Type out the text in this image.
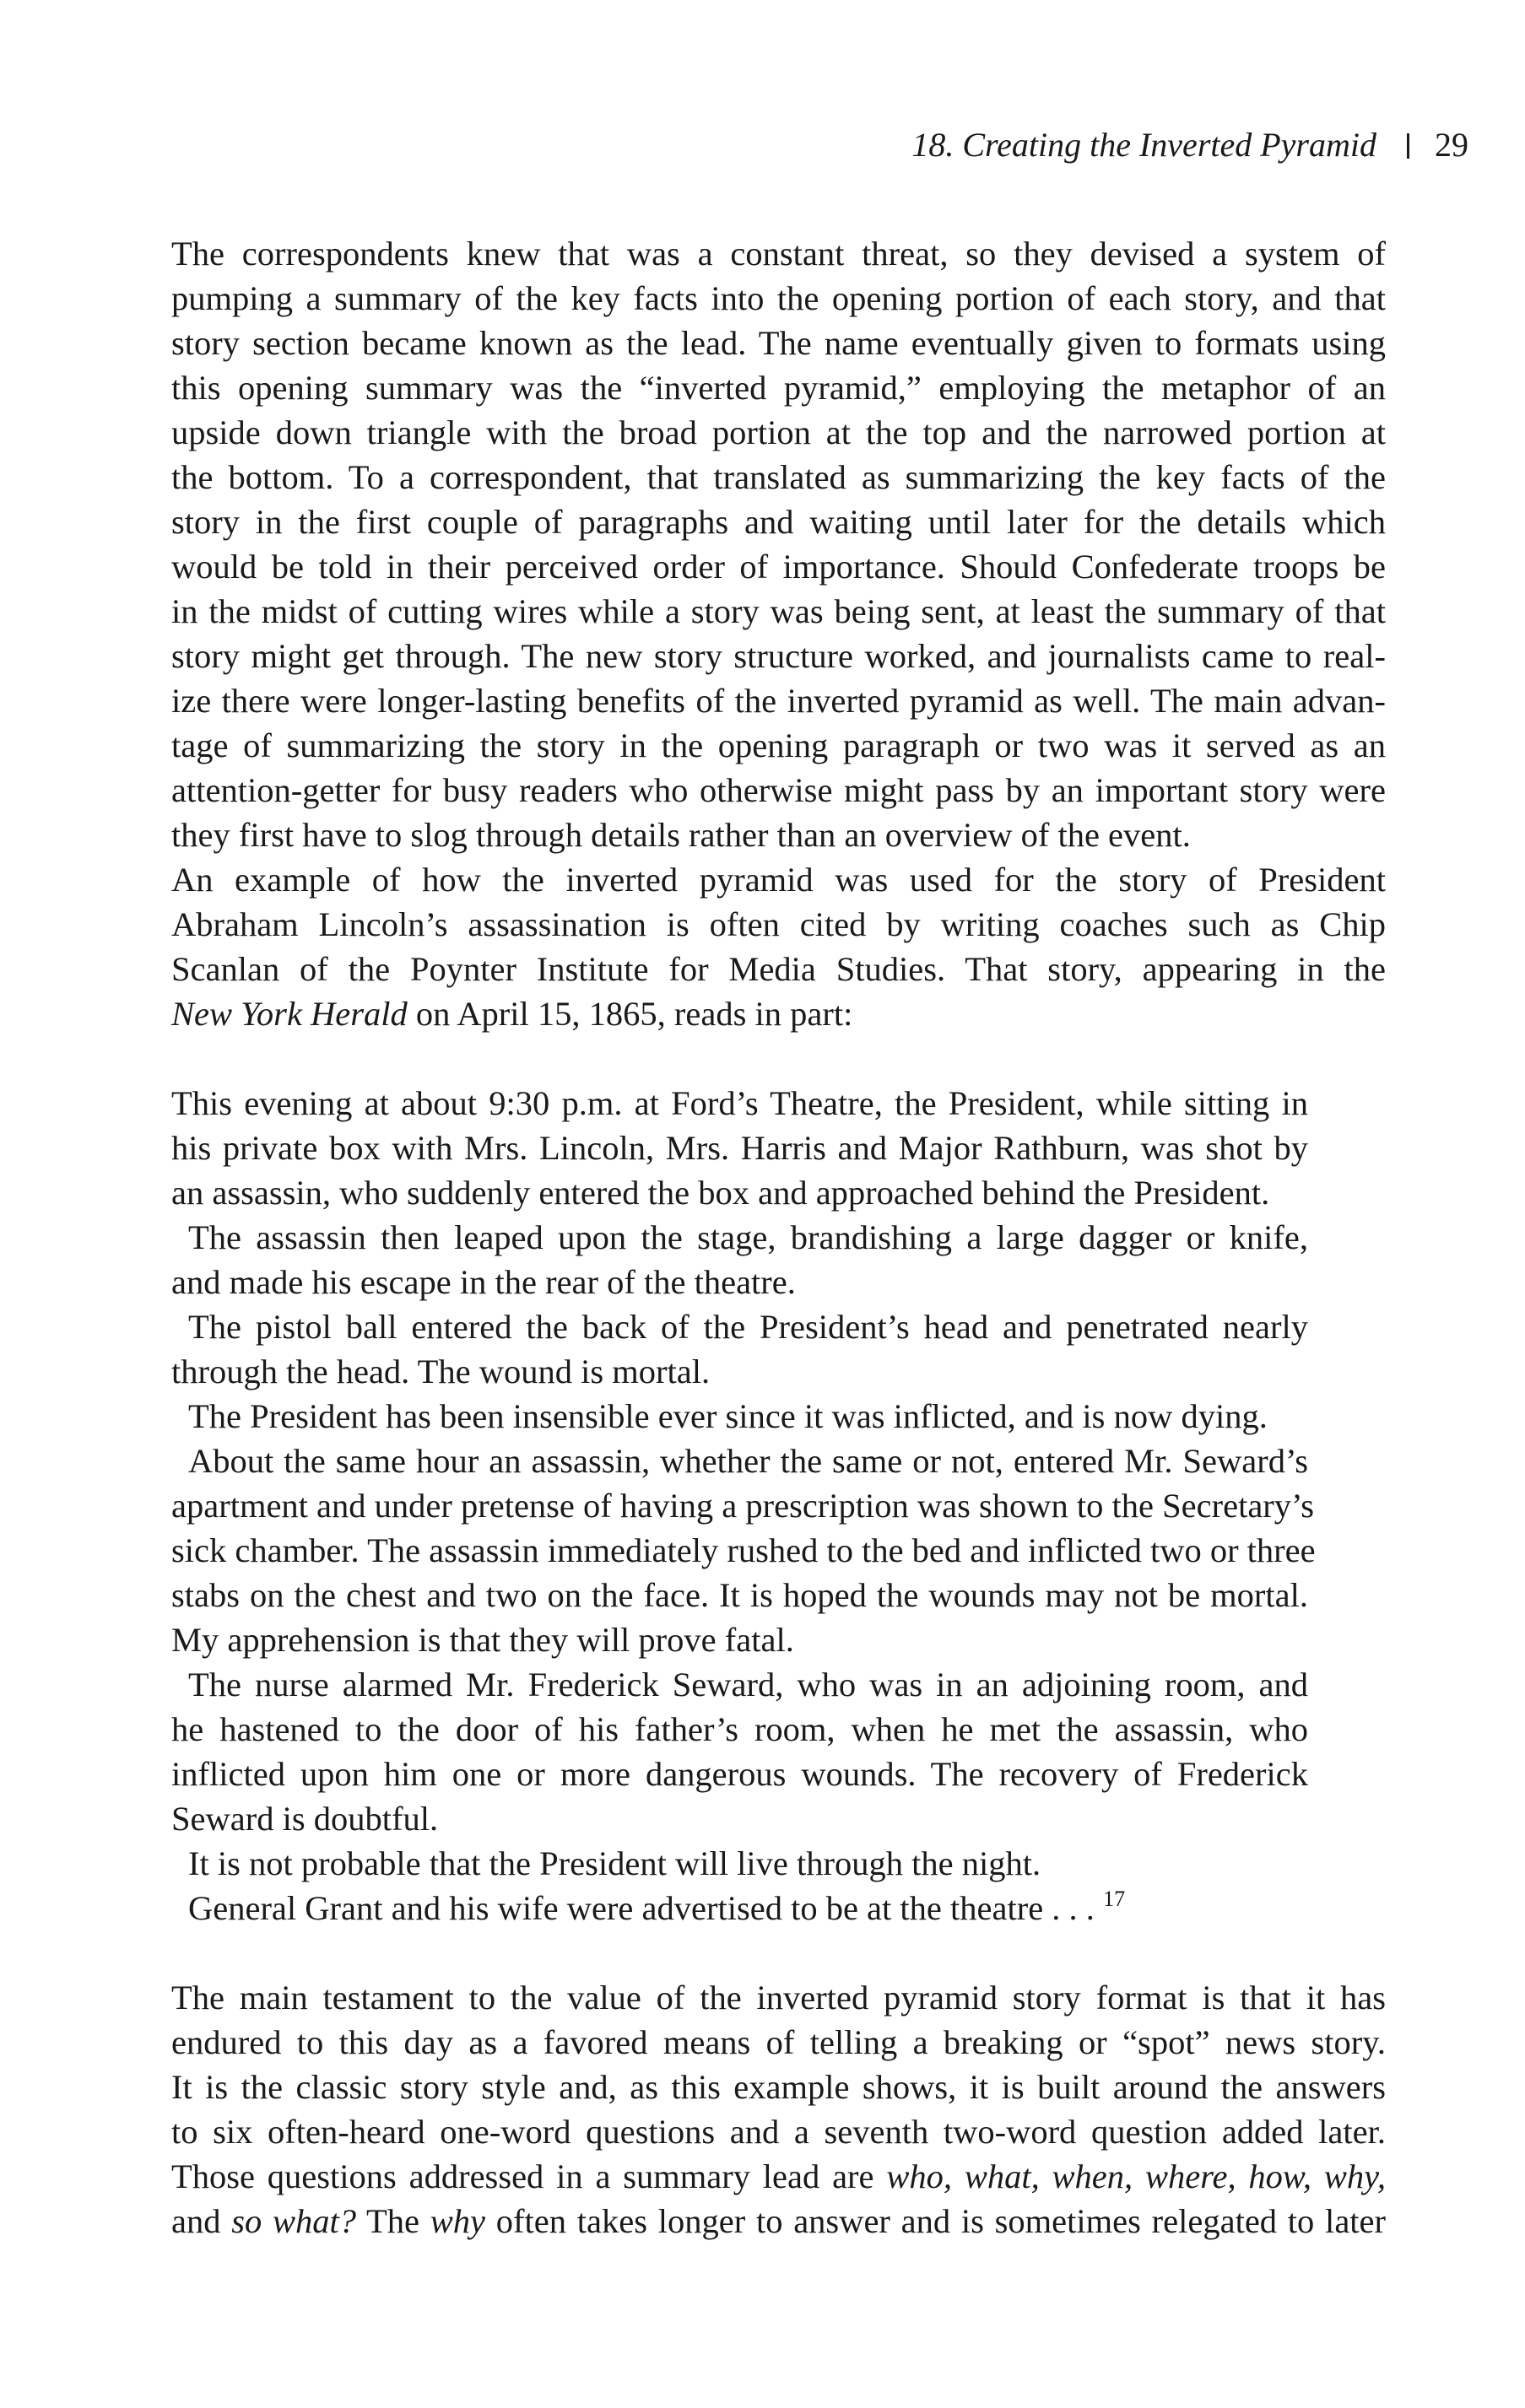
18. Creating the Inverted Pyramid 29
The correspondents knew that was a constant threat, so they devised a system of
pumping a summary of the key facts into the opening portion of each story, and that
story section became known as the lead. The name eventually given to formats using
this opening summary was the “inverted pyramid,” employing the metaphor of an
upside down triangle with the broad portion at the top and the narrowed portion at
the bottom. To a correspondent, that translated as summarizing the key facts of the
story in the first couple of paragraphs and waiting until later for the details which
would be told in their perceived order of importance. Should Confederate troops be
in the midst of cutting wires while a story was being sent, at least the summary of that
story might get through. The new story structure worked, and journalists came to real-
ize there were longer-lasting benefits of the inverted pyramid as well. The main advan-
tage of summarizing the story in the opening paragraph or two was it served as an
attention-getter for busy readers who otherwise might pass by an important story were
they first have to slog through details rather than an overview of the event.
An example of how the inverted pyramid was used for the story of President
Abraham Lincoln’s assassination is often cited by writing coaches such as Chip
Scanlan of the Poynter Institute for Media Studies. That story, appearing in the
New York Herald on April 15, 1865, reads in part:
This evening at about 9:30 p.m. at Ford’s Theatre, the President, while sitting in
his private box with Mrs. Lincoln, Mrs. Harris and Major Rathburn, was shot by
an assassin, who suddenly entered the box and approached behind the President.
The assassin then leaped upon the stage, brandishing a large dagger or knife,
and made his escape in the rear of the theatre.
The pistol ball entered the back of the President’s head and penetrated nearly
through the head. The wound is mortal.
The President has been insensible ever since it was inflicted, and is now dying.
About the same hour an assassin, whether the same or not, entered Mr. Seward’s
apartment and under pretense of having a prescription was shown to the Secretary’s
sick chamber. The assassin immediately rushed to the bed and inflicted two or three
stabs on the chest and two on the face. It is hoped the wounds may not be mortal.
My apprehension is that they will prove fatal.
The nurse alarmed Mr. Frederick Seward, who was in an adjoining room, and
he hastened to the door of his father’s room, when he met the assassin, who
inflicted upon him one or more dangerous wounds. The recovery of Frederick
Seward is doubtful.
It is not probable that the President will live through the night.
General Grant and his wife were advertised to be at the theatre . . . $^{17}$
The main testament to the value of the inverted pyramid story format is that it has
endured to this day as a favored means of telling a breaking or “spot” news story.
It is the classic story style and, as this example shows, it is built around the answers
to six often-heard one-word questions and a seventh two-word question added later.
Those questions addressed in a summary lead are who, what, when, where, how, why,
and so what? The why often takes longer to answer and is sometimes relegated to later
